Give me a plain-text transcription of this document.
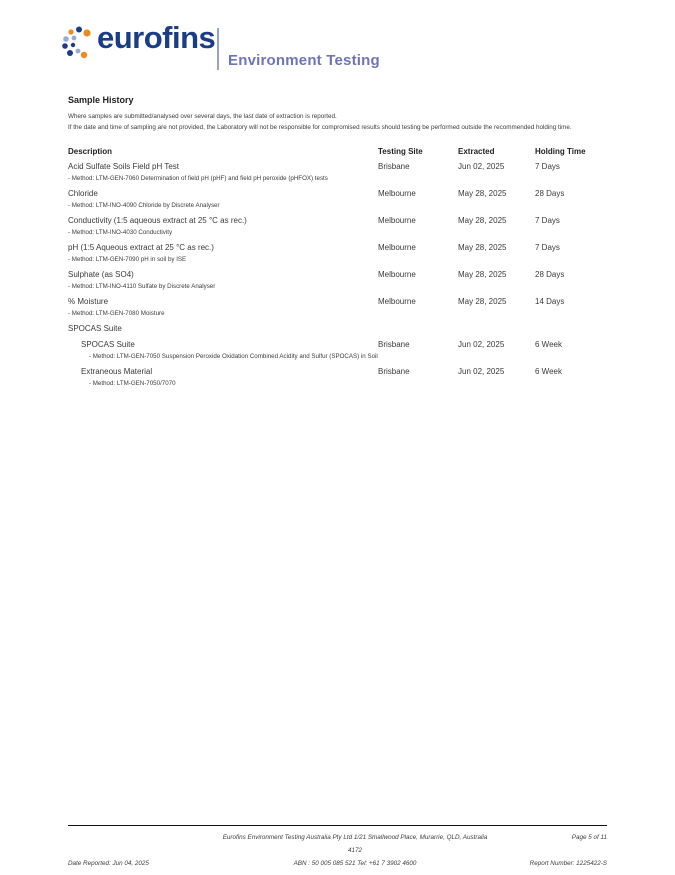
eurofins
Environment Testing
Sample History
Where samples are submitted/analysed over several days, the last date of extraction is reported.
If the date and time of sampling are not provided, the Laboratory will not be responsible for compromised results should testing be performed outside the recommended holding time.
Description	Testing Site	Extracted	Holding Time
Acid Sulfate Soils Field pH Test	Brisbane	Jun 02, 2025	7 Days
- Method: LTM-GEN-7060 Determination of field pH (pHF) and field pH peroxide (pHFOX) tests
Chloride	Melbourne	May 28, 2025	28 Days
- Method: LTM-INO-4090 Chloride by Discrete Analyser
Conductivity (1:5 aqueous extract at 25 °C as rec.)	Melbourne	May 28, 2025	7 Days
- Method: LTM-INO-4030 Conductivity
pH (1:5 Aqueous extract at 25 °C as rec.)	Melbourne	May 28, 2025	7 Days
- Method: LTM-GEN-7090 pH in soil by ISE
Sulphate (as SO4)	Melbourne	May 28, 2025	28 Days
- Method: LTM-INO-4110 Sulfate by Discrete Analyser
% Moisture	Melbourne	May 28, 2025	14 Days
- Method: LTM-GEN-7080 Moisture
SPOCAS Suite
SPOCAS Suite	Brisbane	Jun 02, 2025	6 Week
- Method: LTM-GEN-7050 Suspension Peroxide Oxidation Combined Acidity and Sulfur (SPOCAS) in Soil
Extraneous Material	Brisbane	Jun 02, 2025	6 Week
- Method: LTM-GEN-7050/7070
Eurofins Environment Testing Australia Pty Ltd 1/21 Smallwood Place, Murarrie, QLD, Australia 4172
Page 5 of 11
Date Reported: Jun 04, 2025	ABN : 50 005 085 521 Tel: +61 7 3902 4600	Report Number: 1225422-S
